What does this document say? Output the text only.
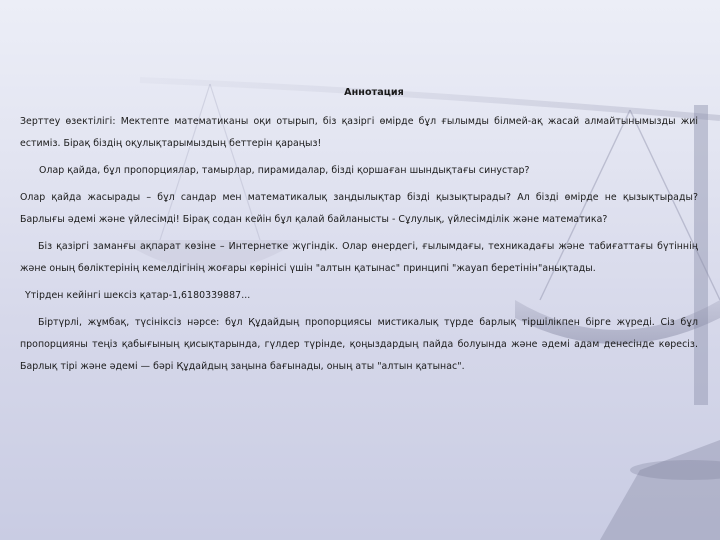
Аннотация

Зерттеу өзектілігі: Мектепте математиканы оқи отырып, біз қазіргі өмірде бұл ғылымды білмей-ақ жасай алмайтынымызды жиі естиміз. Бірақ біздің оқулықтарымыздың беттерін қараңыз!

Олар қайда, бұл пропорциялар, тамырлар, пирамидалар, бізді қоршаған шындықтағы синустар?

Олар қайда жасырады – бұл сандар мен математикалық заңдылықтар бізді қызықтырады? Ал бізді өмірде не қызықтырады? Барлығы әдемі және үйлесімді! Бірақ содан кейін бұл қалай байланысты - Сұлулық, үйлесімділік және математика?

Біз қазіргі заманғы ақпарат көзіне – Интернетке жүгіндік. Олар өнердегі, ғылымдағы, техникадағы және табиғаттағы бүтіннің және оның бөліктерінің кемелдігінің жоғары көрінісі үшін "алтын қатынас" принципі "жауап беретінін"анықтады.

Үтірден кейінгі шексіз қатар-1,6180339887...

Біртүрлі, жұмбақ, түсініксіз нәрсе: бұл Құдайдың пропорциясы мистикалық түрде барлық тіршілікпен бірге жүреді. Сіз бұл пропорцияны теңіз қабығының қисықтарында, гүлдер түрінде, қоңыздардың пайда болуында және әдемі адам денесінде көресіз. Барлық тірі және әдемі — бәрі Құдайдың заңына бағынады, оның аты "алтын қатынас".
